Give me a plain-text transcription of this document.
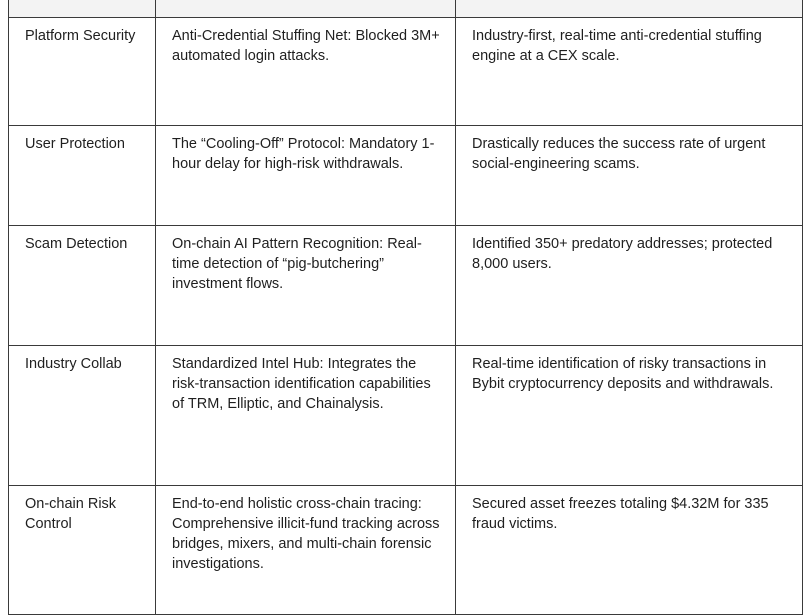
Platform Security	Anti-Credential Stuffing Net: Blocked 3M+ automated login attacks.	Industry-first, real-time anti-credential stuffing engine at a CEX scale.

User Protection	The “Cooling-Off” Protocol: Mandatory 1-hour delay for high-risk withdrawals.	Drastically reduces the success rate of urgent social-engineering scams.

Scam Detection	On-chain AI Pattern Recognition: Real-time detection of “pig-butchering” investment flows.	Identified 350+ predatory addresses; protected 8,000 users.

Industry Collab	Standardized Intel Hub: Integrates the risk-transaction identification capabilities of TRM, Elliptic, and Chainalysis.	Real-time identification of risky transactions in Bybit cryptocurrency deposits and withdrawals.

On-chain Risk Control	End-to-end holistic cross-chain tracing: Comprehensive illicit-fund tracking across bridges, mixers, and multi-chain forensic investigations.	Secured asset freezes totaling $4.32M for 335 fraud victims.
